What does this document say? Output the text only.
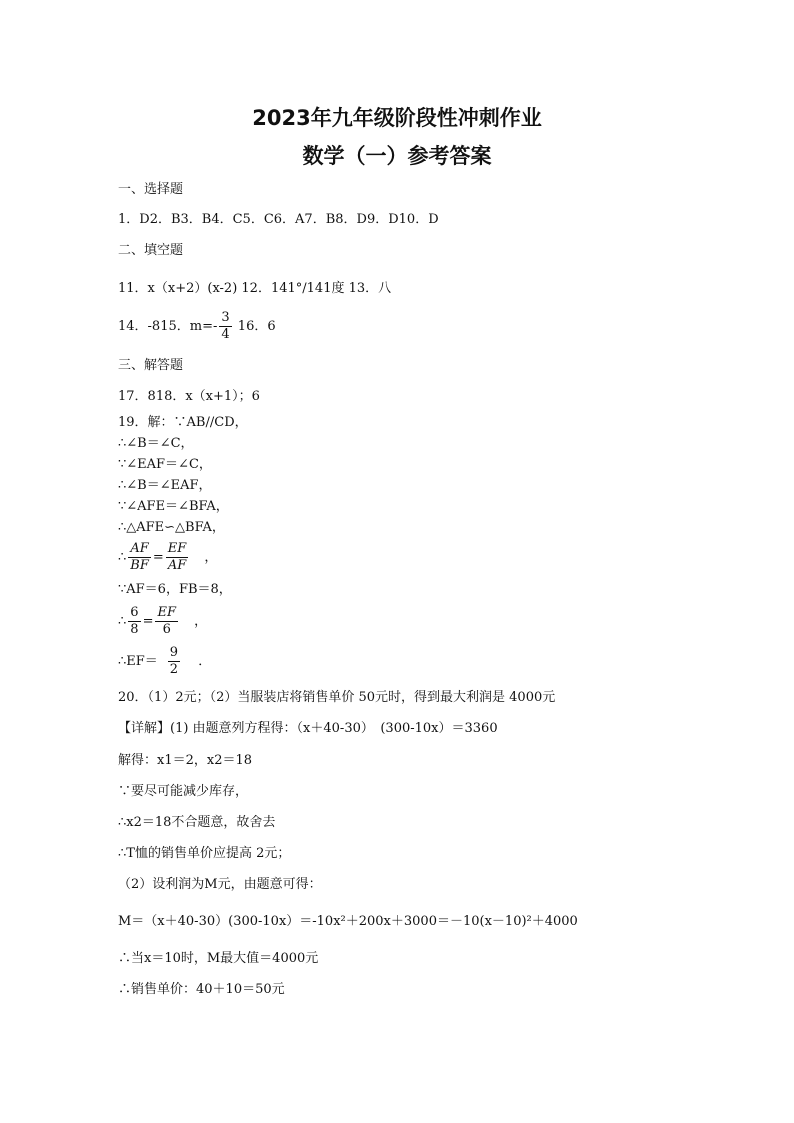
2023年九年级阶段性冲刺作业
数学（一）参考答案
一、选择题
1．D2．B3．B4．C5．C6．A7．B8．D9．D10．D
二、填空题
11．x（x+2）(x-2) 12．141°/141度 13．八
14．-815．$m=- \frac{3}{4} 16$．6
三、解答题
17．818．x（x+1）；6
19．解：∵AB//CD，
∴∠B＝∠C，
∵∠EAF＝∠C，
∴∠B＝∠EAF，
∵∠AFE＝∠BFA，
∴△AFE∽△BFA，
∴ $\frac{AF}{BF} = \frac{EF}{AF}$ ，
∵AF＝6，FB＝8，
∴ $\frac{6}{8} = \frac{EF}{6}$ ，
∴EF＝ $\frac{9}{2}$ ．
20．（1）2元；（2）当服装店将销售单价 50元时，得到最大利润是 4000元
【详解】(1) 由题意列方程得：（x＋40-30）　(300-10x）＝3360
解得：x1＝2，x2＝18
∵要尽可能减少库存，
∴x2＝18不合题意，故舍去
∴T恤的销售单价应提高 2元；
（2）设利润为M元，由题意可得：
M＝（x＋40-30）(300-10x）＝-10x²＋200x＋3000＝－10(x－10)²＋4000
∴当x＝10时，M最大值＝4000元
∴销售单价：40＋10＝50元
